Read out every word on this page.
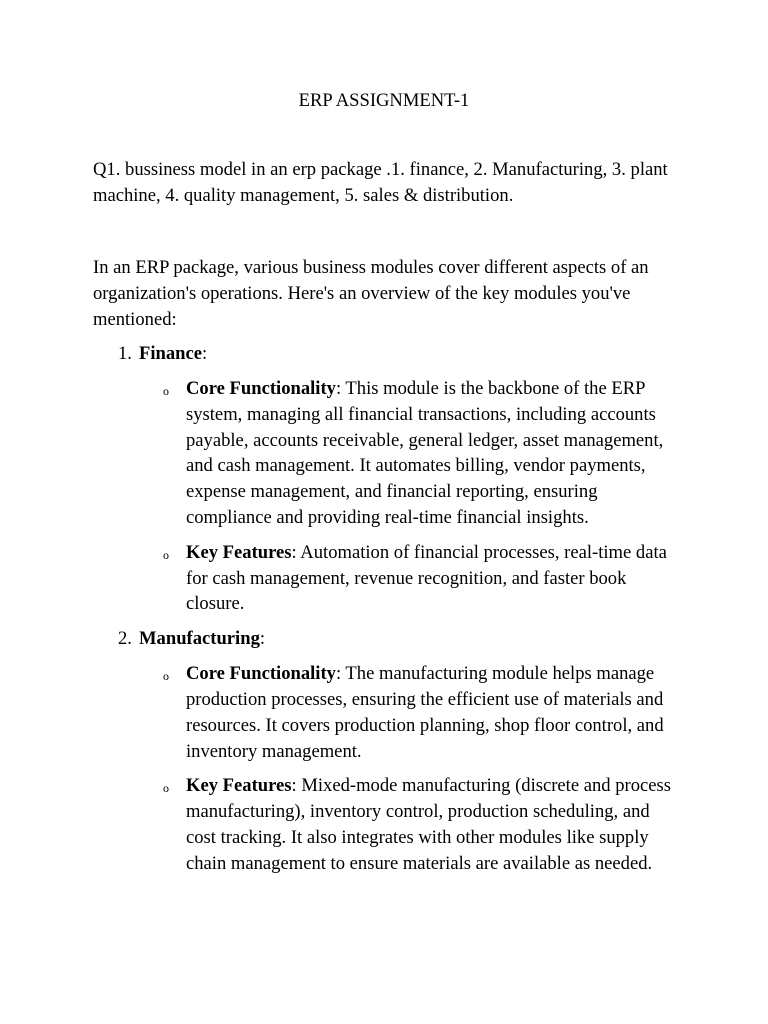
ERP ASSIGNMENT-1

Q1. bussiness model in an erp package .1. finance, 2. Manufacturing, 3. plant machine, 4. quality management, 5. sales & distribution.

In an ERP package, various business modules cover different aspects of an organization's operations. Here's an overview of the key modules you've mentioned:

1. Finance:
o Core Functionality: This module is the backbone of the ERP system, managing all financial transactions, including accounts payable, accounts receivable, general ledger, asset management, and cash management. It automates billing, vendor payments, expense management, and financial reporting, ensuring compliance and providing real-time financial insights.
o Key Features: Automation of financial processes, real-time data for cash management, revenue recognition, and faster book closure.
2. Manufacturing:
o Core Functionality: The manufacturing module helps manage production processes, ensuring the efficient use of materials and resources. It covers production planning, shop floor control, and inventory management.
o Key Features: Mixed-mode manufacturing (discrete and process manufacturing), inventory control, production scheduling, and cost tracking. It also integrates with other modules like supply chain management to ensure materials are available as needed.
